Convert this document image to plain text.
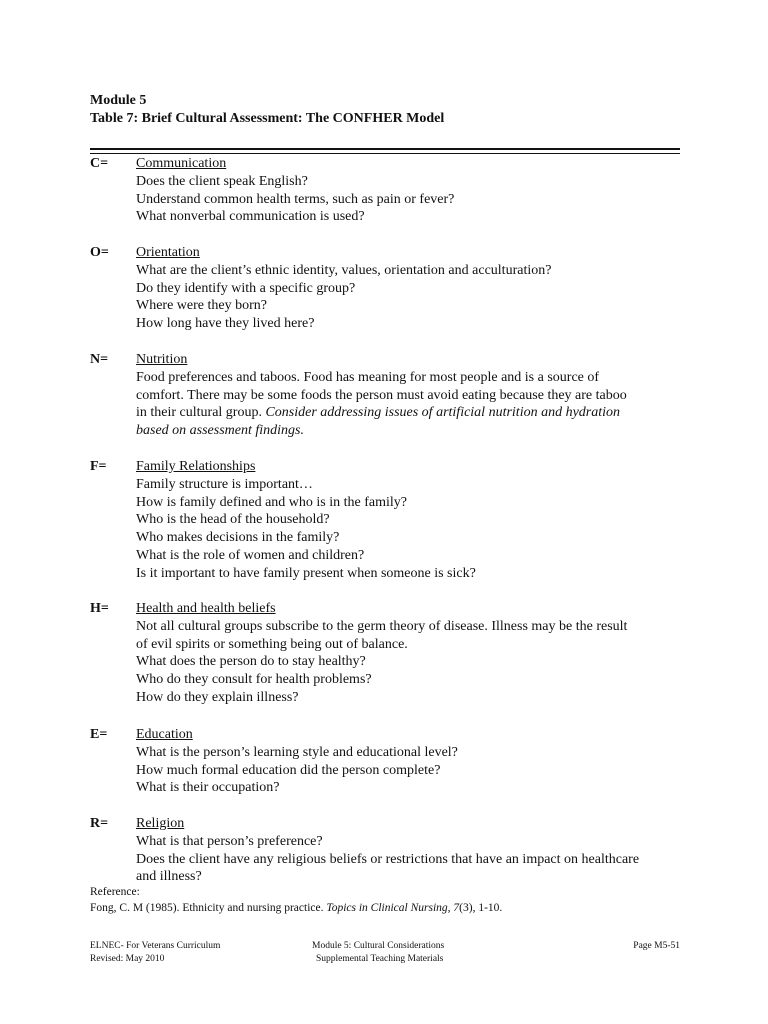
Module 5
Table 7: Brief Cultural Assessment: The CONFHER Model
C= Communication
Does the client speak English?
Understand common health terms, such as pain or fever?
What nonverbal communication is used?
O= Orientation
What are the client’s ethnic identity, values, orientation and acculturation?
Do they identify with a specific group?
Where were they born?
How long have they lived here?
N= Nutrition
Food preferences and taboos. Food has meaning for most people and is a source of
comfort. There may be some foods the person must avoid eating because they are taboo
in their cultural group. Consider addressing issues of artificial nutrition and hydration
based on assessment findings.
F= Family Relationships
Family structure is important…
How is family defined and who is in the family?
Who is the head of the household?
Who makes decisions in the family?
What is the role of women and children?
Is it important to have family present when someone is sick?
H= Health and health beliefs
Not all cultural groups subscribe to the germ theory of disease. Illness may be the result
of evil spirits or something being out of balance.
What does the person do to stay healthy?
Who do they consult for health problems?
How do they explain illness?
E= Education
What is the person’s learning style and educational level?
How much formal education did the person complete?
What is their occupation?
R= Religion
What is that person’s preference?
Does the client have any religious beliefs or restrictions that have an impact on healthcare
and illness?
Reference:
Fong, C. M (1985). Ethnicity and nursing practice. Topics in Clinical Nursing, 7(3), 1-10.
ELNEC- For Veterans Curriculum
Revised: May 2010
Module 5: Cultural Considerations
Supplemental Teaching Materials
Page M5-51
